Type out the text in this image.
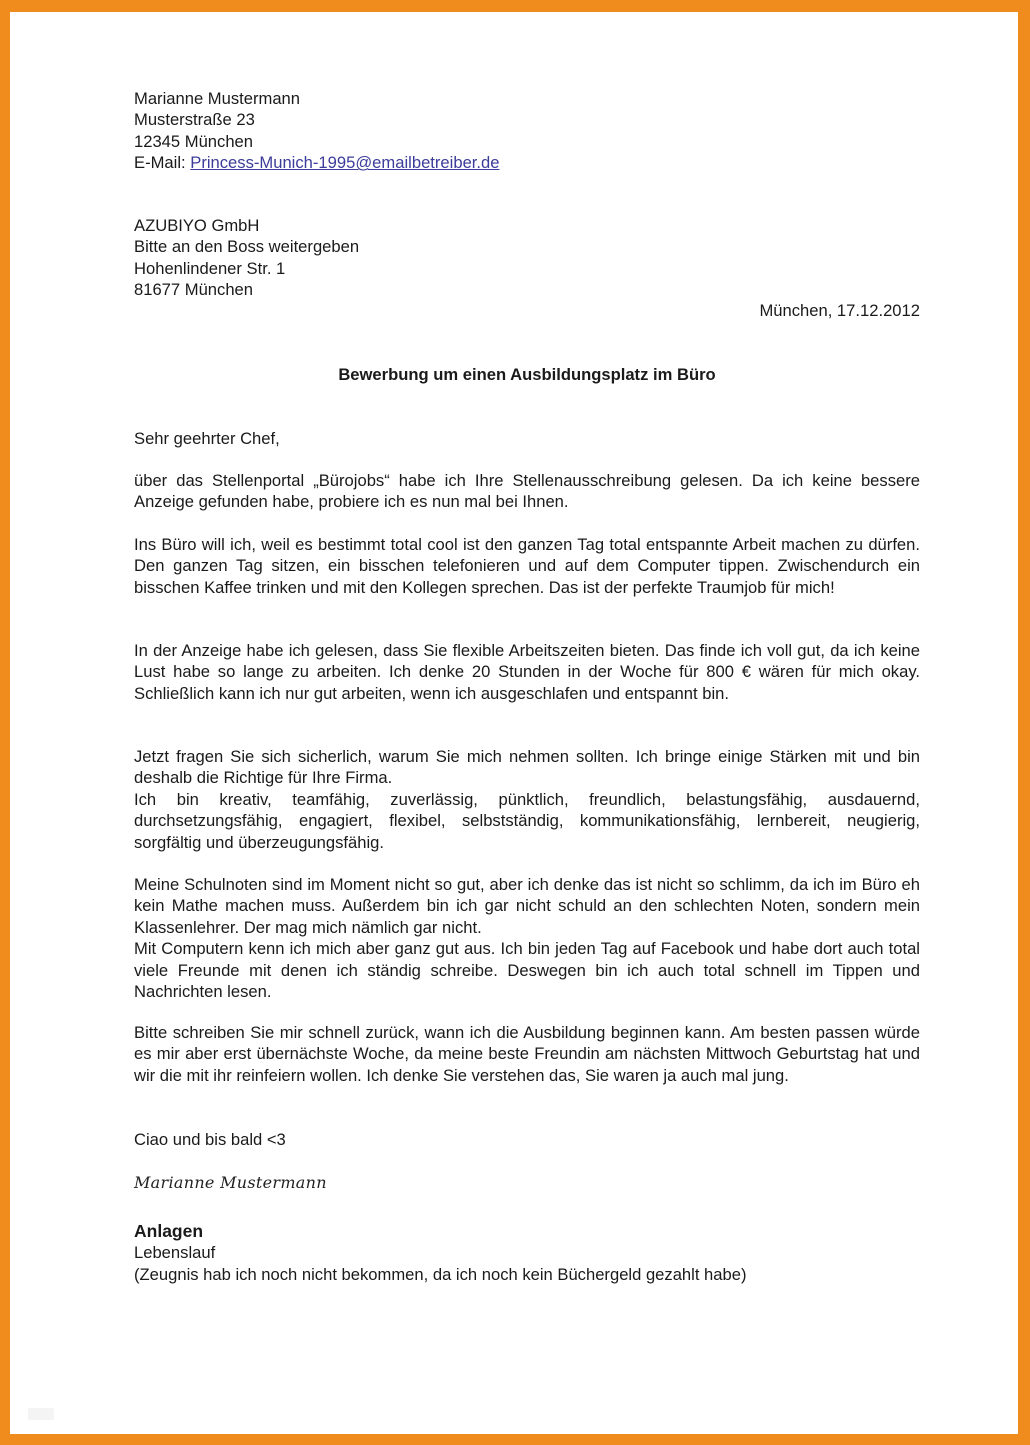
Marianne Mustermann
Musterstraße 23
12345 München
E-Mail: Princess-Munich-1995@emailbetreiber.de
AZUBIYO GmbH
Bitte an den Boss weitergeben
Hohenlindener Str. 1
81677 München
München, 17.12.2012
Bewerbung um einen Ausbildungsplatz im Büro
Sehr geehrter Chef,

über das Stellenportal „Bürojobs“ habe ich Ihre Stellenausschreibung gelesen. Da ich keine bessere Anzeige gefunden habe, probiere ich es nun mal bei Ihnen.

Ins Büro will ich, weil es bestimmt total cool ist den ganzen Tag total entspannte Arbeit machen zu dürfen. Den ganzen Tag sitzen, ein bisschen telefonieren und auf dem Computer tippen. Zwischendurch ein bisschen Kaffee trinken und mit den Kollegen sprechen. Das ist der perfekte Traumjob für mich!

In der Anzeige habe ich gelesen, dass Sie flexible Arbeitszeiten bieten. Das finde ich voll gut, da ich keine Lust habe so lange zu arbeiten. Ich denke 20 Stunden in der Woche für 800 € wären für mich okay. Schließlich kann ich nur gut arbeiten, wenn ich ausgeschlafen und entspannt bin.

Jetzt fragen Sie sich sicherlich, warum Sie mich nehmen sollten. Ich bringe einige Stärken mit und bin deshalb die Richtige für Ihre Firma.
Ich bin kreativ, teamfähig, zuverlässig, pünktlich, freundlich, belastungsfähig, ausdauernd, durchsetzungsfähig, engagiert, flexibel, selbstständig, kommunikationsfähig, lernbereit, neugierig, sorgfältig und überzeugungsfähig.
Meine Schulnoten sind im Moment nicht so gut, aber ich denke das ist nicht so schlimm, da ich im Büro eh kein Mathe machen muss. Außerdem bin ich gar nicht schuld an den schlechten Noten, sondern mein Klassenlehrer. Der mag mich nämlich gar nicht.
Mit Computern kenn ich mich aber ganz gut aus. Ich bin jeden Tag auf Facebook und habe dort auch total viele Freunde mit denen ich ständig schreibe. Deswegen bin ich auch total schnell im Tippen und Nachrichten lesen.

Bitte schreiben Sie mir schnell zurück, wann ich die Ausbildung beginnen kann. Am besten passen würde es mir aber erst übernächste Woche, da meine beste Freundin am nächsten Mittwoch Geburtstag hat und wir die mit ihr reinfeiern wollen. Ich denke Sie verstehen das, Sie waren ja auch mal jung.

Ciao und bis bald <3
Marianne Mustermann
Anlagen
Lebenslauf
(Zeugnis hab ich noch nicht bekommen, da ich noch kein Büchergeld gezahlt habe)
